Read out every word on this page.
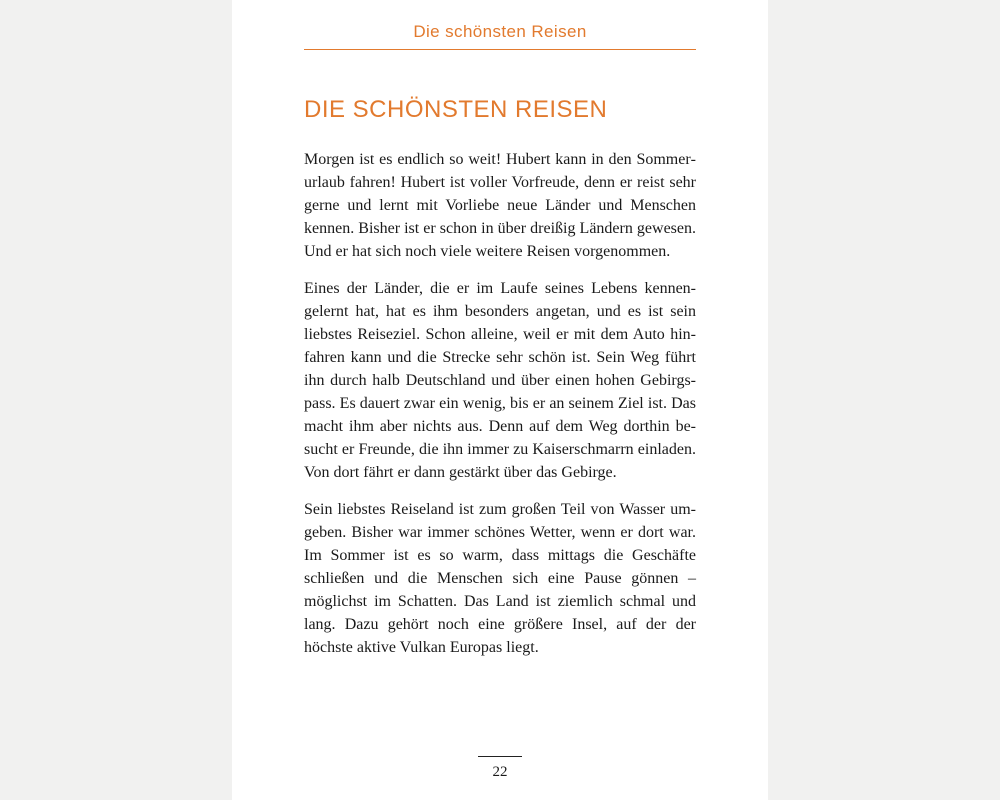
Die schönsten Reisen
DIE SCHÖNSTEN REISEN

Morgen ist es endlich so weit! Hubert kann in den Sommerurlaub fahren! Hubert ist voller Vorfreude, denn er reist sehr gerne und lernt mit Vorliebe neue Länder und Menschen kennen. Bisher ist er schon in über dreißig Ländern gewesen. Und er hat sich noch viele weitere Reisen vorgenommen.

Eines der Länder, die er im Laufe seines Lebens kennengelernt hat, hat es ihm besonders angetan, und es ist sein liebstes Reiseziel. Schon alleine, weil er mit dem Auto hinfahren kann und die Strecke sehr schön ist. Sein Weg führt ihn durch halb Deutschland und über einen hohen Gebirgspass. Es dauert zwar ein wenig, bis er an seinem Ziel ist. Das macht ihm aber nichts aus. Denn auf dem Weg dorthin besucht er Freunde, die ihn immer zu Kaiserschmarrn einladen. Von dort fährt er dann gestärkt über das Gebirge.

Sein liebstes Reiseland ist zum großen Teil von Wasser umgeben. Bisher war immer schönes Wetter, wenn er dort war. Im Sommer ist es so warm, dass mittags die Geschäfte schließen und die Menschen sich eine Pause gönnen – möglichst im Schatten. Das Land ist ziemlich schmal und lang. Dazu gehört noch eine größere Insel, auf der der höchste aktive Vulkan Europas liegt.

22
